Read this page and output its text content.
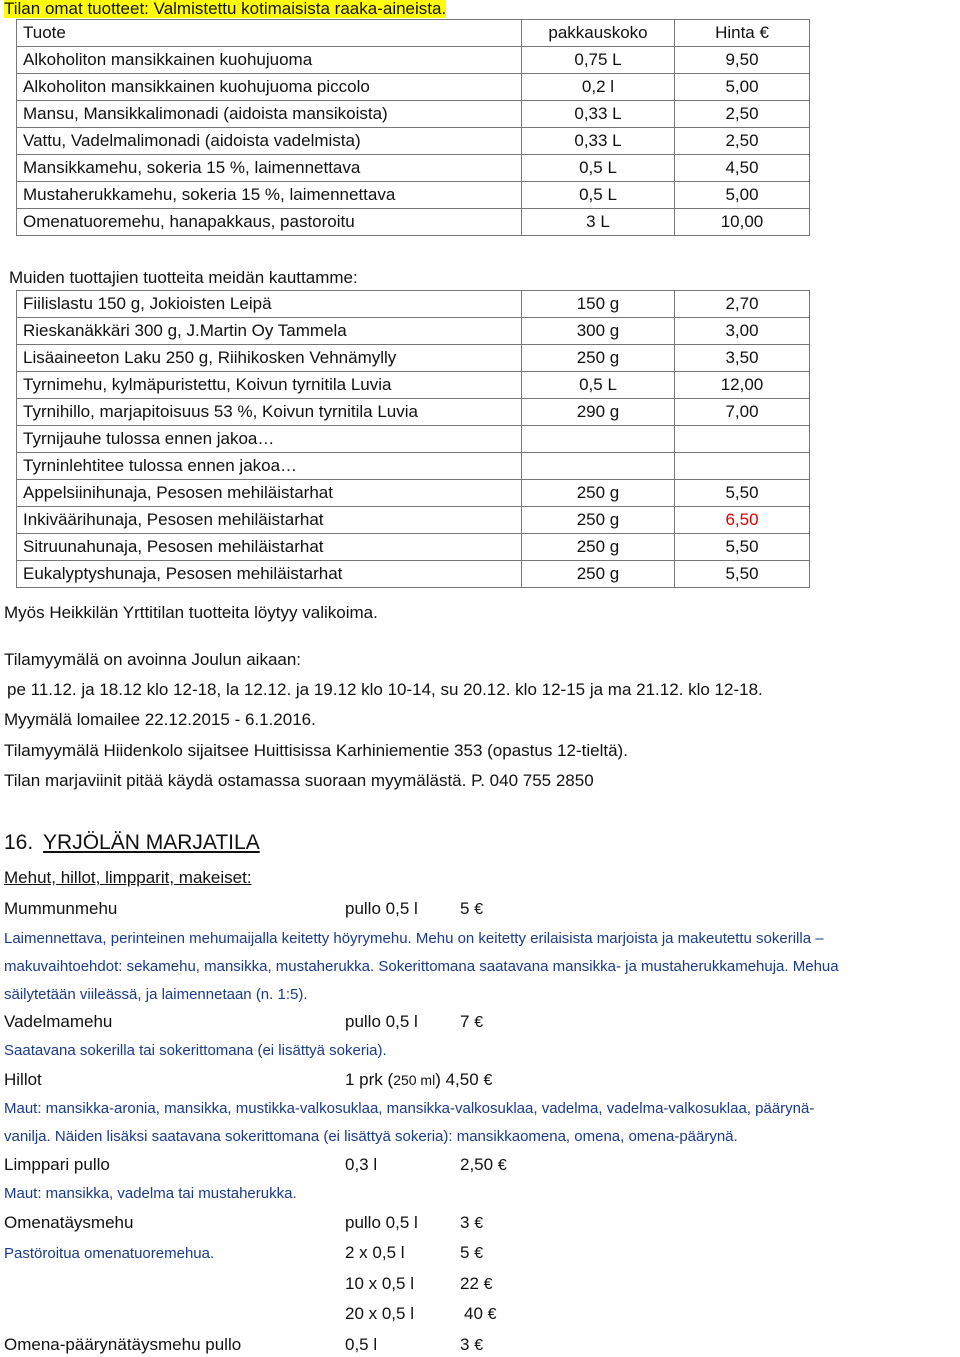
Tilan omat tuotteet: Valmistettu kotimaisista raaka-aineista.
Tuote	pakkauskoko	Hinta €
Alkoholiton mansikkainen kuohujuoma	0,75 L	9,50
Alkoholiton mansikkainen kuohujuoma piccolo	0,2 l	5,00
Mansu, Mansikkalimonadi (aidoista mansikoista)	0,33 L	2,50
Vattu, Vadelmalimonadi (aidoista vadelmista)	0,33 L	2,50
Mansikkamehu, sokeria 15 %, laimennettava	0,5 L	4,50
Mustaherukkamehu, sokeria 15 %, laimennettava	0,5 L	5,00
Omenatuoremehu, hanapakkaus, pastoroitu	3 L	10,00
Muiden tuottajien tuotteita meidän kauttamme:
Fiilislastu 150 g, Jokioisten Leipä	150 g	2,70
Rieskanäkkäri 300 g, J.Martin Oy Tammela	300 g	3,00
Lisäaineeton Laku 250 g, Riihikosken Vehnämylly	250 g	3,50
Tyrnimehu, kylmäpuristettu, Koivun tyrnitila Luvia	0,5 L	12,00
Tyrnihillo, marjapitoisuus 53 %, Koivun tyrnitila Luvia	290 g	7,00
Tyrnijauhe tulossa ennen jakoa…		
Tyrninlehtitee tulossa ennen jakoa…		
Appelsiinihunaja, Pesosen mehiläistarhat	250 g	5,50
Inkiväärihunaja, Pesosen mehiläistarhat	250 g	6,50
Sitruunahunaja, Pesosen mehiläistarhat	250 g	5,50
Eukalyptyshunaja, Pesosen mehiläistarhat	250 g	5,50
Myös Heikkilän Yrttitilan tuotteita löytyy valikoima.
Tilamyymälä on avoinna Joulun aikaan:
pe 11.12. ja 18.12 klo 12-18, la 12.12. ja 19.12 klo 10-14, su 20.12. klo 12-15 ja ma 21.12. klo 12-18.
Myymälä lomailee 22.12.2015 - 6.1.2016.
Tilamyymälä Hiidenkolo sijaitsee Huittisissa Karhiniementie 353 (opastus 12-tieltä).
Tilan marjaviinit pitää käydä ostamassa suoraan myymälästä. P. 040 755 2850
16. YRJÖLÄN MARJATILA
Mehut, hillot, limpparit, makeiset:
Mummunmehu	pullo 0,5 l 5 €
Laimennettava, perinteinen mehumaijalla keitetty höyrymehu. Mehu on keitetty erilaisista marjoista ja makeutettu sokerilla –
makuvaihtoehdot: sekamehu, mansikka, mustaherukka. Sokerittomana saatavana mansikka- ja mustaherukkamehuja. Mehua
säilytetään viileässä, ja laimennetaan (n. 1:5).
Vadelmamehu	pullo 0,5 l 7 €
Saatavana sokerilla tai sokerittomana (ei lisättyä sokeria).
Hillot	1 prk (250 ml) 4,50 €
Maut: mansikka-aronia, mansikka, mustikka-valkosuklaa, mansikka-valkosuklaa, vadelma, vadelma-valkosuklaa, päärynä-
vanilja. Näiden lisäksi saatavana sokerittomana (ei lisättyä sokeria): mansikkaomena, omena, omena-päärynä.
Limppari pullo	0,3 l	2,50 €
Maut: mansikka, vadelma tai mustaherukka.
Omenatäysmehu	pullo 0,5 l 3 €
Pastöroitua omenatuoremehua.	2 x 0,5 l	5 €
10 x 0,5 l	22 €
20 x 0,5 l	40 €
Omena-päärynätäysmehu pullo	0,5 l	3 €
